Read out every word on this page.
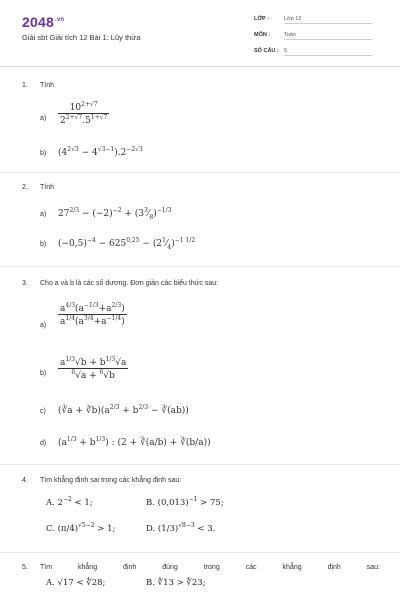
$2048^{.vn}$
Giải sbt Giải tích 12 Bài 1: Lũy thừa
LỚP :	Lớp 12
MÔN :	Toán
SỐ CÂU : 5
1.	Tính
a)	$\frac{10^{2+√7}}{2^{2+√7}.5^{1+√7}}$
b)	$(4^{2√3} - 4^{√3-1}).2^{-2√3}$
2.	Tính
a)	$27^{2/3} - (-2)^{-2}$ + $(3^3⁄_8)^{-1/3}$
b)	$(-0,5)^{-4} - 625^{0,25}$ − $(2^1⁄_4)^{-1 1/2}$
3.	Cho a và b là các số dương. Đơn giản các biểu thức sau:
a)	$\frac{a^{4/3}(a^{-1/3}+a^{2/3})}{a^{1/4}(a^{3/4}+a^{-1/4})}$
b)	$\frac{a^{1/3}√b + b^{1/3}√a}{^6√a + ^6√b}$
c)	(∛a + $∛b)(a^{2/3} + b^{2/3}$ − ∛(ab))
d)	$(a^{1/3} + b^{1/3})$ : (2 + ∛(a/b) + ∛(b/a))
4.	Tìm khẳng định sai trong các khẳng định sau:
A. $2^{-2} < 1$;	B. $(0,013)^{-1} > 75$;
C. $(\pi/4)^{√5-2} > 1$;	D. $(1/3)^{√8-3} < 3$.
5.	Tìm	khẳng	định	đúng	trong	các	khẳng	định	sau:
A. √17 < ∜28;	B. ∜13 > ∜23;
